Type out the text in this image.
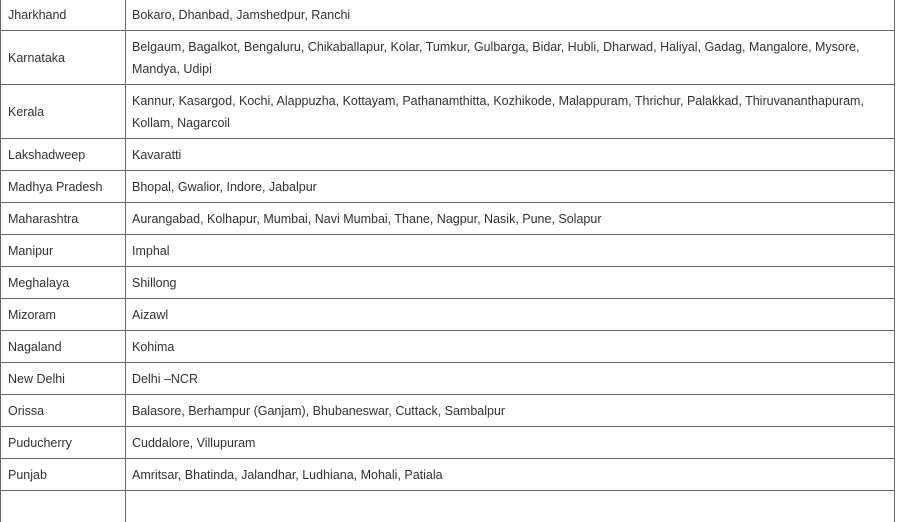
Jharkhand	Bokaro, Dhanbad, Jamshedpur, Ranchi
Karnataka	Belgaum, Bagalkot, Bengaluru, Chikaballapur, Kolar, Tumkur, Gulbarga, Bidar, Hubli, Dharwad, Haliyal, Gadag, Mangalore, Mysore, Mandya, Udipi
Kerala	Kannur, Kasargod, Kochi, Alappuzha, Kottayam, Pathanamthitta, Kozhikode, Malappuram, Thrichur, Palakkad, Thiruvananthapuram, Kollam, Nagarcoil
Lakshadweep	Kavaratti
Madhya Pradesh	Bhopal, Gwalior, Indore, Jabalpur
Maharashtra	Aurangabad, Kolhapur, Mumbai, Navi Mumbai, Thane, Nagpur, Nasik, Pune, Solapur
Manipur	Imphal
Meghalaya	Shillong
Mizoram	Aizawl
Nagaland	Kohima
New Delhi	Delhi –NCR
Orissa	Balasore, Berhampur (Ganjam), Bhubaneswar, Cuttack, Sambalpur
Puducherry	Cuddalore, Villupuram
Punjab	Amritsar, Bhatinda, Jalandhar, Ludhiana, Mohali, Patiala
